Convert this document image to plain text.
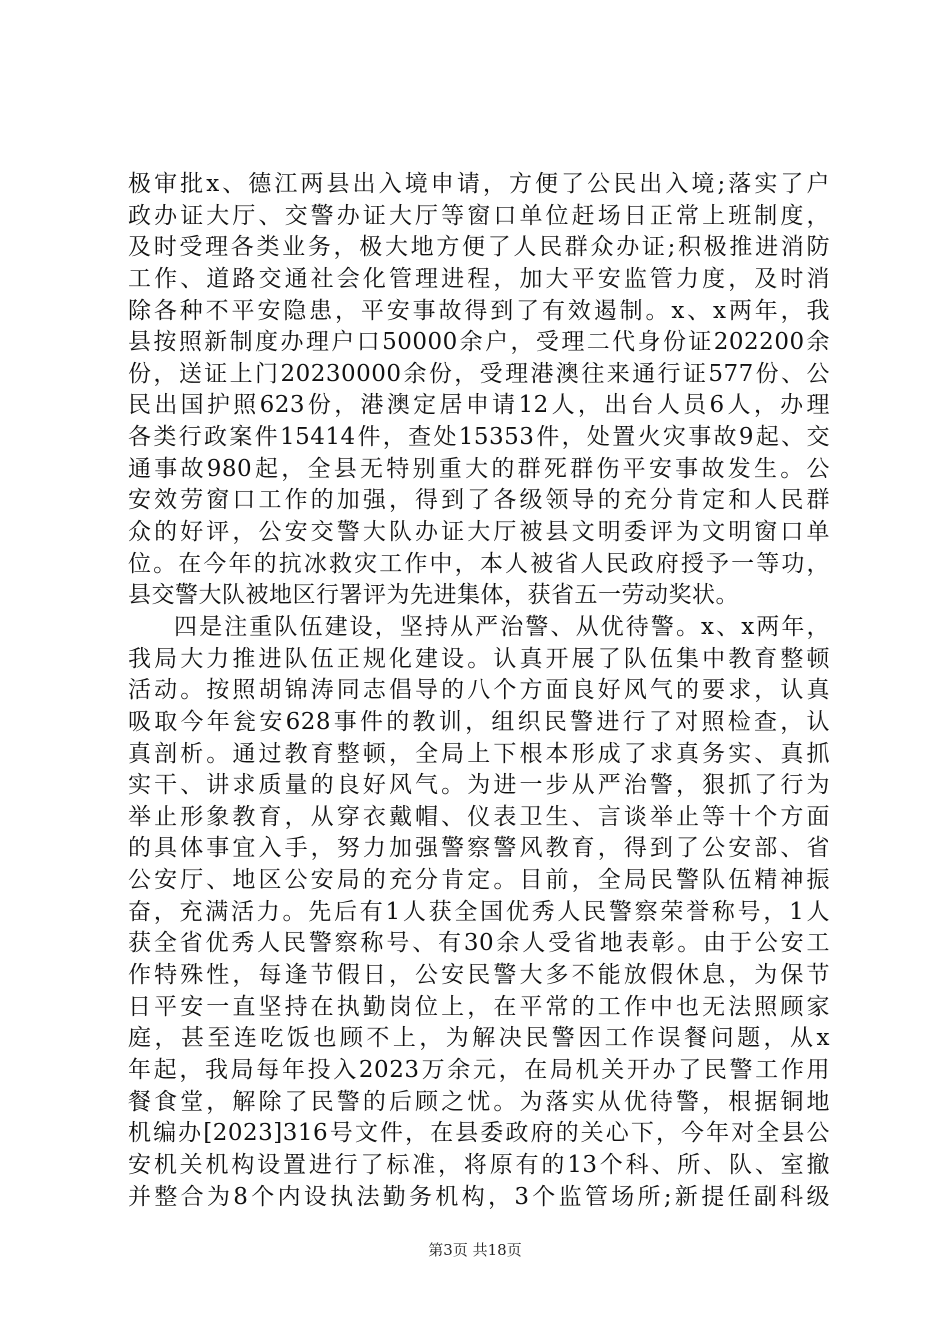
极审批x、德江两县出入境申请，方便了公民出入境;落实了户
政办证大厅、交警办证大厅等窗口单位赶场日正常上班制度，
及时受理各类业务，极大地方便了人民群众办证;积极推进消防
工作、道路交通社会化管理进程，加大平安监管力度，及时消
除各种不平安隐患，平安事故得到了有效遏制。x、x两年，我
县按照新制度办理户口50000余户，受理二代身份证202200余
份，送证上门20230000余份，受理港澳往来通行证577份、公
民出国护照623份，港澳定居申请12人，出台人员6人，办理
各类行政案件15414件，查处15353件，处置火灾事故9起、交
通事故980起，全县无特别重大的群死群伤平安事故发生。公
安效劳窗口工作的加强，得到了各级领导的充分肯定和人民群
众的好评，公安交警大队办证大厅被县文明委评为文明窗口单
位。在今年的抗冰救灾工作中，本人被省人民政府授予一等功，
县交警大队被地区行署评为先进集体，获省五一劳动奖状。
四是注重队伍建设，坚持从严治警、从优待警。x、x两年，
我局大力推进队伍正规化建设。认真开展了队伍集中教育整顿
活动。按照胡锦涛同志倡导的八个方面良好风气的要求，认真
吸取今年瓮安628事件的教训，组织民警进行了对照检查，认
真剖析。通过教育整顿，全局上下根本形成了求真务实、真抓
实干、讲求质量的良好风气。为进一步从严治警，狠抓了行为
举止形象教育，从穿衣戴帽、仪表卫生、言谈举止等十个方面
的具体事宜入手，努力加强警察警风教育，得到了公安部、省
公安厅、地区公安局的充分肯定。目前，全局民警队伍精神振
奋，充满活力。先后有1人获全国优秀人民警察荣誉称号，1人
获全省优秀人民警察称号、有30余人受省地表彰。由于公安工
作特殊性，每逢节假日，公安民警大多不能放假休息，为保节
日平安一直坚持在执勤岗位上，在平常的工作中也无法照顾家
庭，甚至连吃饭也顾不上，为解决民警因工作误餐问题，从x
年起，我局每年投入2023万余元，在局机关开办了民警工作用
餐食堂，解除了民警的后顾之忧。为落实从优待警，根据铜地
机编办[2023]316号文件，在县委政府的关心下，今年对全县公
安机关机构设置进行了标准，将原有的13个科、所、队、室撤
并整合为8个内设执法勤务机构，3个监管场所;新提任副科级
第3页 共18页
